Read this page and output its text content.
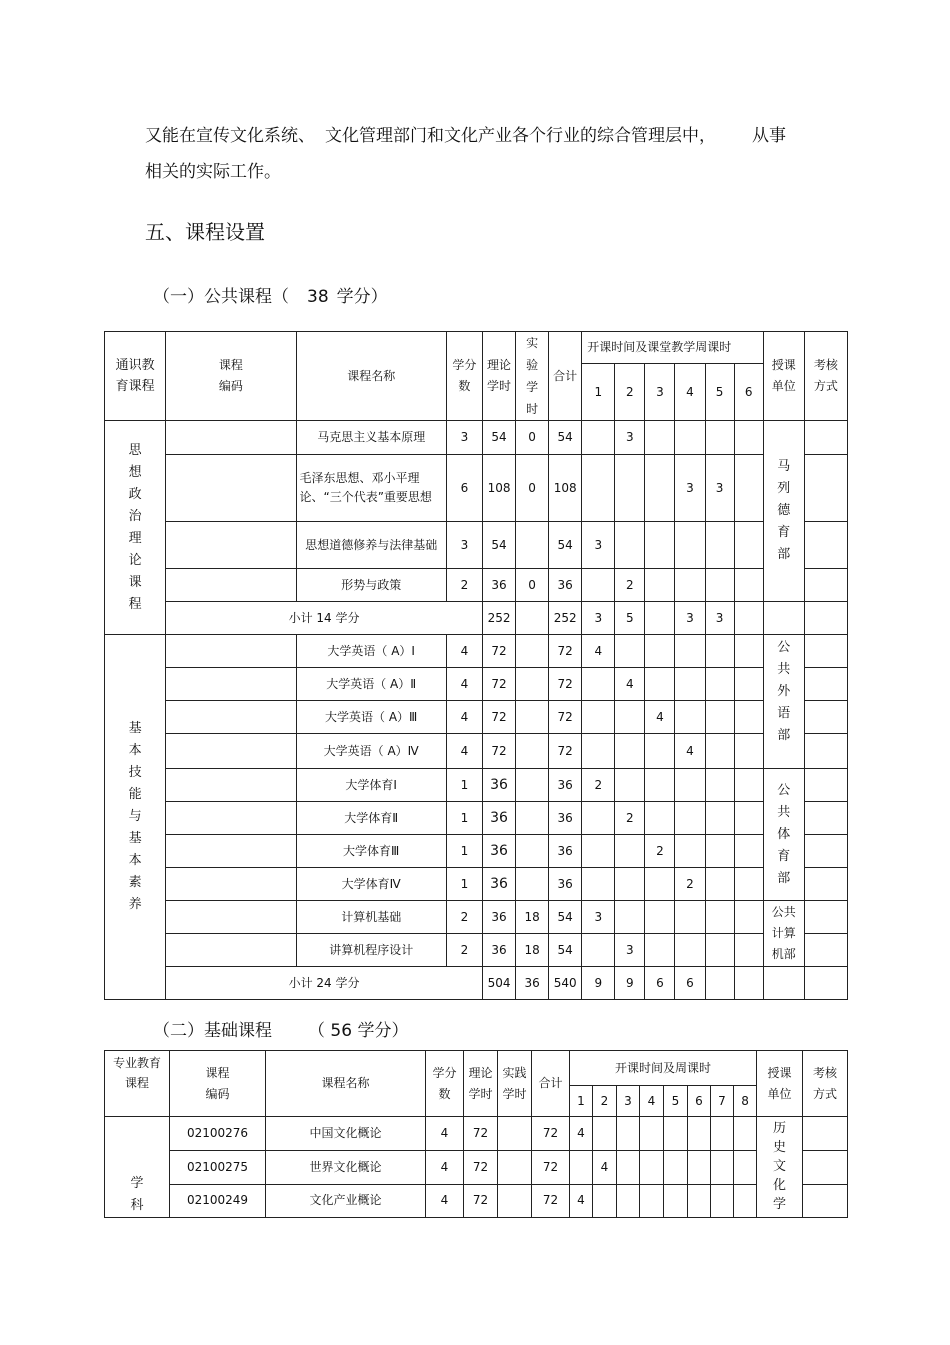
又能在宣传文化系统、 文化管理部门和文化产业各个行业的综合管理层中， 从事
相关的实际工作。
五、课程设置
（一）公共课程（ 38 学分）
通识教育课程	课程编码	课程名称	学分数	理论学时	实验学时	合计	开课时间及课堂教学周课时						授课单位	考核方式
							1	2	3	4	5	6		
思想政治理论课程		马克思主义基本原理	3	54	0	54		3					马列德育部	
		毛泽东思想、邓小平理论、“三个代表”重要思想	6	108	0	108				3	3			
		思想道德修养与法律基础	3	54		54	3							
		形势与政策	2	36	0	36		2						
	小计 14 学分			252		252	3	5		3	3			
基本技能与基本素养		大学英语（ A）Ⅰ	4	72		72	4						公共外语部	
		大学英语（ A）Ⅱ	4	72		72		4						
		大学英语（ A）Ⅲ	4	72		72			4					
		大学英语（ A）Ⅳ	4	72		72				4				
		大学体育Ⅰ	1	36		36	2						公共体育部	
		大学体育Ⅱ	1	36		36		2						
		大学体育Ⅲ	1	36		36			2					
		大学体育Ⅳ	1	36		36				2				
		计算机基础	2	36	18	54	3						公共计算机部	
		讲算机程序设计	2	36	18	54		3						
	小计 24 学分			504	36	540	9	9	6	6				
（二）基础课程 （ 56 学分）
专业教育课程	课程编码	课程名称	学分数	理论学时	实践学时	合计	开课时间及周课时								授课单位	考核方式
							1	2	3	4	5	6	7	8		
学科	02100276	中国文化概论	4	72		72	4								历史文化学	
	02100275	世界文化概论	4	72		72		4								
	02100249	文化产业概论	4	72		72	4									
